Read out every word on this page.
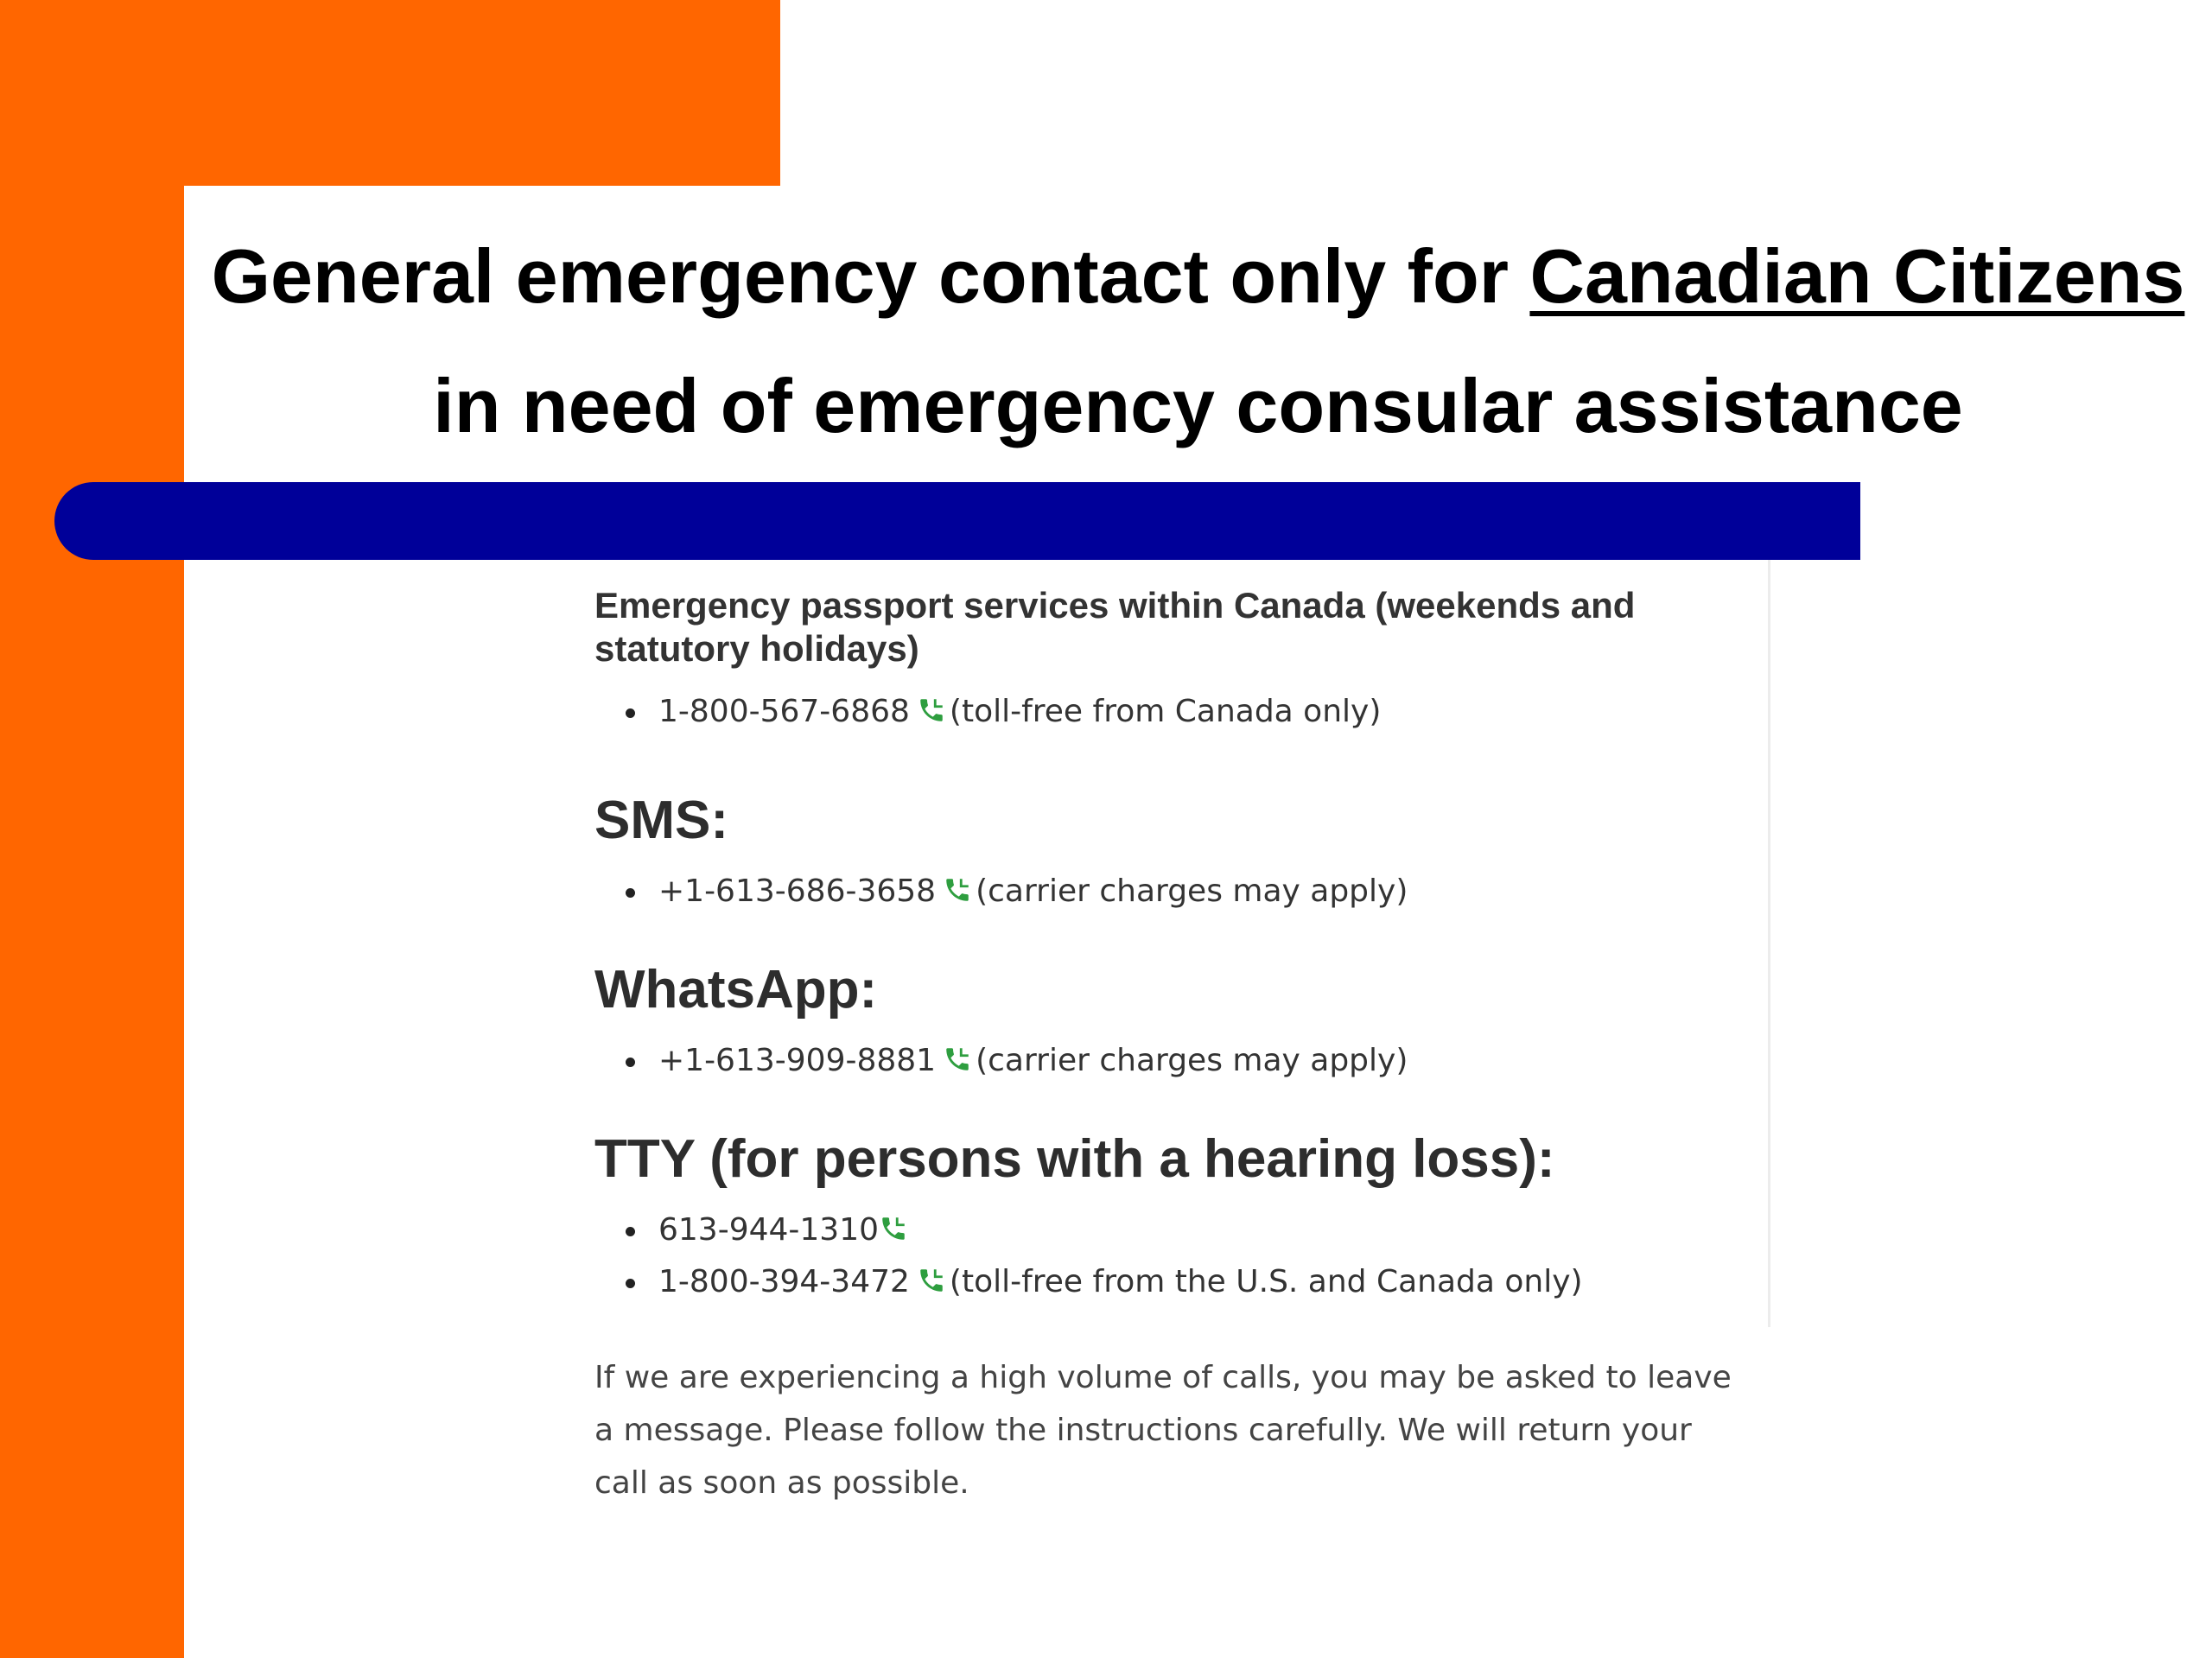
General emergency contact only for Canadian Citizens in need of emergency consular assistance

Emergency passport services within Canada (weekends and statutory holidays)

1-800-567-6868 (toll-free from Canada only)
SMS:
+1-613-686-3658 (carrier charges may apply)
WhatsApp:
+1-613-909-8881 (carrier charges may apply)
TTY (for persons with a hearing loss):
613-944-1310
1-800-394-3472 (toll-free from the U.S. and Canada only)

If we are experiencing a high volume of calls, you may be asked to leave a message. Please follow the instructions carefully. We will return your call as soon as possible.
